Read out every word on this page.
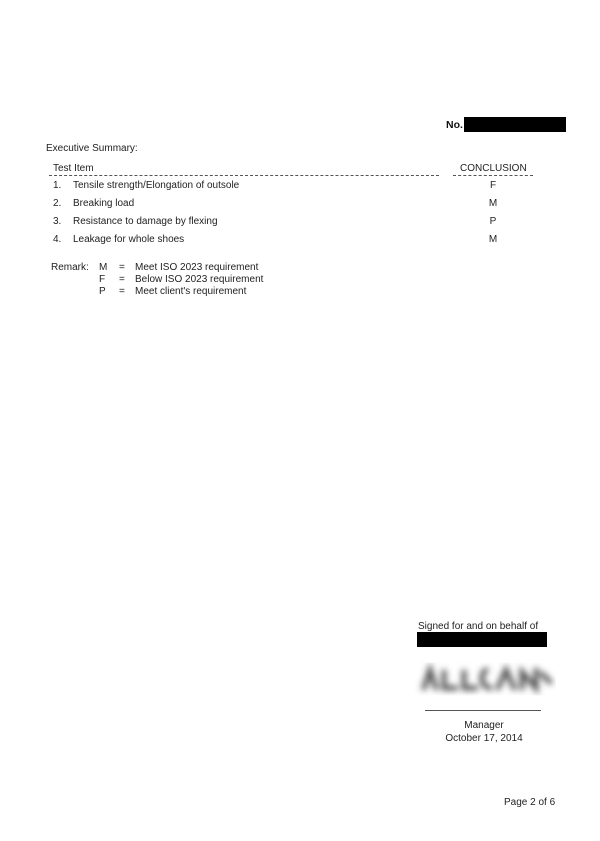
No.
Executive Summary:
Test Item	CONCLUSION
1. Tensile strength/Elongation of outsole	F
2. Breaking load	M
3. Resistance to damage by flexing	P
4. Leakage for whole shoes	M
Remark:	M	=	Meet ISO 2023 requirement
F	=	Below ISO 2023 requirement
P	=	Meet client's requirement
Signed for and on behalf of
Manager
October 17, 2014
Page 2 of 6
